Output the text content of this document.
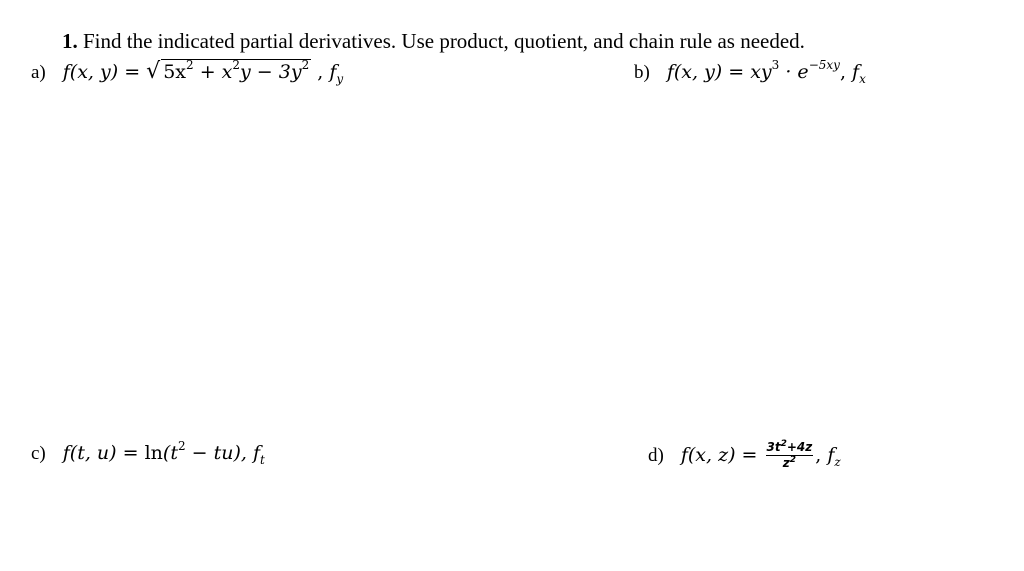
1. Find the indicated partial derivatives. Use product, quotient, and chain rule as needed.
a) f(x, y) = √ $5x^2 + x^2y - 3y^2$ , $f_y$	b) f(x, $y) = xy^3 \cdot e^{-5xy}$, $f_x$
c) f(t, $u) = \ln(t^2 - tu)$, $f_t$	d) f(x, $z) = \frac{3t^2+4z}{z^2}$ , $f_z$
